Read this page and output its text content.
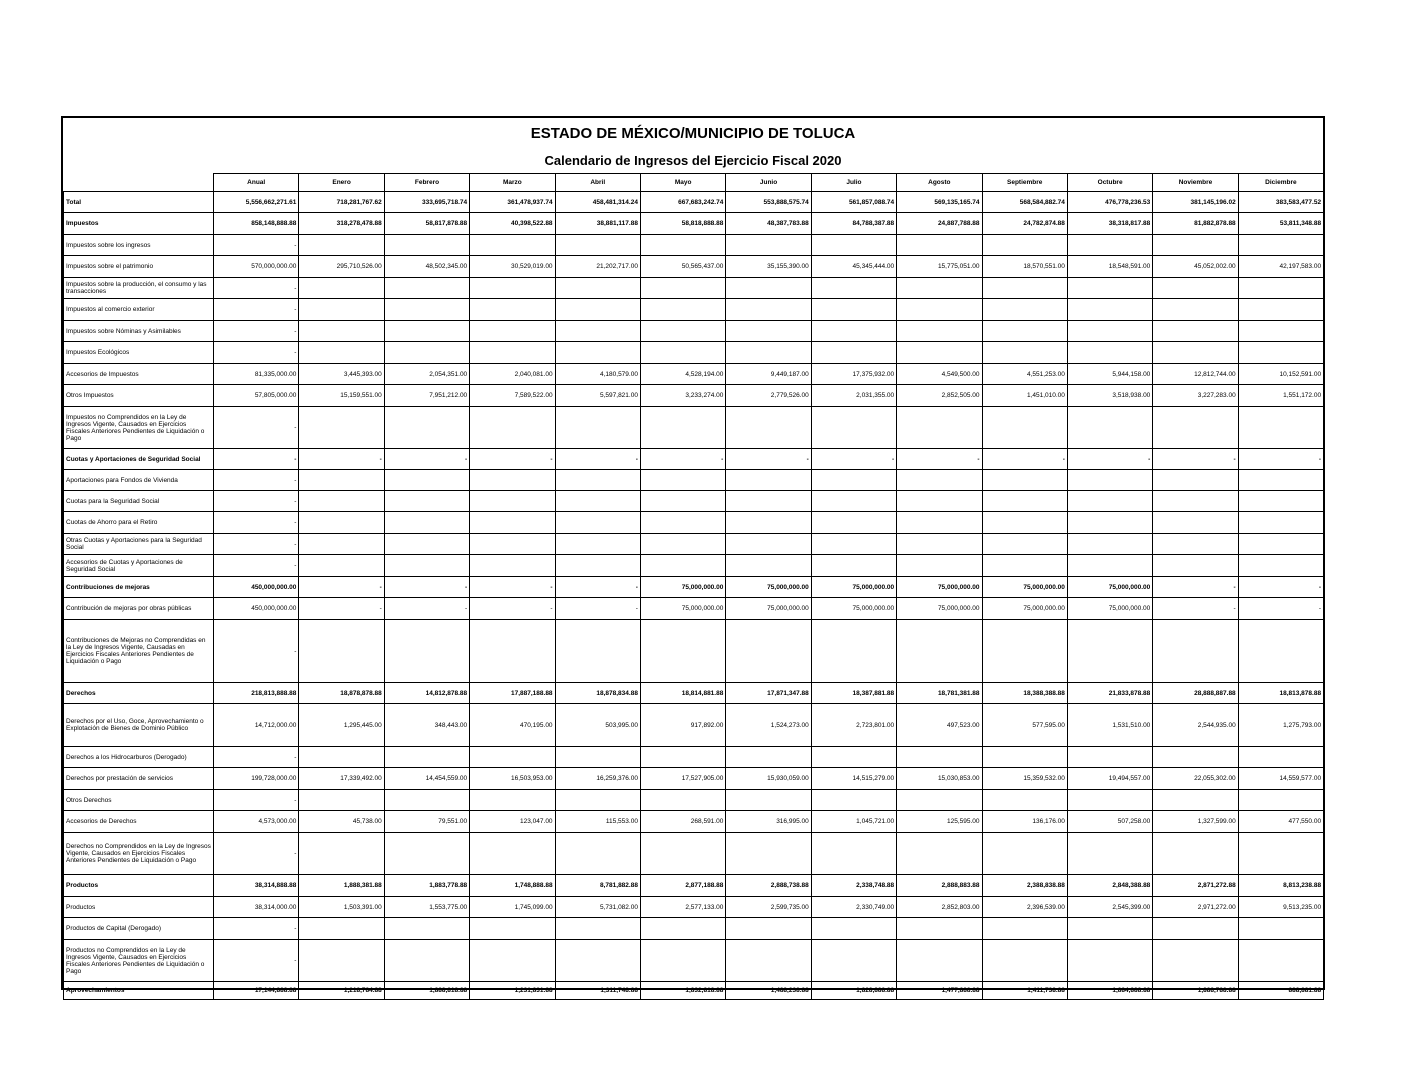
ESTADO DE MÉXICO/MUNICIPIO DE TOLUCA
Calendario de Ingresos del Ejercicio Fiscal 2020
	Anual	Enero	Febrero	Marzo	Abril	Mayo	Junio	Julio	Agosto	Septiembre	Octubre	Noviembre	Diciembre
Total	5,556,662,271.61	718,281,767.62	333,695,718.74	361,478,937.74	458,481,314.24	667,683,242.74	553,888,575.74	561,857,088.74	569,135,165.74	568,584,882.74	476,778,236.53	381,145,196.02	383,583,477.52
Impuestos	858,148,888.88	318,278,478.88	58,817,878.88	40,398,522.88	38,881,117.88	58,818,888.88	48,387,783.88	84,788,387.88	24,887,788.88	24,782,874.88	38,318,817.88	81,882,878.88	53,811,348.88
Impuestos sobre los ingresos	-												
Impuestos sobre el patrimonio	570,000,000.00	295,710,526.00	48,502,345.00	30,529,019.00	21,202,717.00	50,565,437.00	35,155,390.00	45,345,444.00	15,775,051.00	18,570,551.00	18,548,591.00	45,052,002.00	42,197,583.00
Impuestos sobre la producción, el consumo y las transacciones	-												
Impuestos al comercio exterior	-												
Impuestos sobre Nóminas y Asimilables	-												
Impuestos Ecológicos	-												
Accesorios de Impuestos	81,335,000.00	3,445,393.00	2,054,351.00	2,040,081.00	4,180,579.00	4,528,194.00	9,449,187.00	17,375,932.00	4,549,500.00	4,551,253.00	5,944,158.00	12,812,744.00	10,152,591.00
Otros Impuestos	57,805,000.00	15,159,551.00	7,951,212.00	7,589,522.00	5,597,821.00	3,233,274.00	2,779,526.00	2,031,355.00	2,852,505.00	1,451,010.00	3,518,938.00	3,227,283.00	1,551,172.00
Impuestos no Comprendidos en la Ley de Ingresos Vigente, Causados en Ejercicios Fiscales Anteriores Pendientes de Liquidación o Pago	-												
Cuotas y Aportaciones de Seguridad Social	-	-	-	-	-	-	-	-	-	-	-	-	-
Aportaciones para Fondos de Vivienda	-												
Cuotas para la Seguridad Social	-												
Cuotas de Ahorro para el Retiro	-												
Otras Cuotas y Aportaciones para la Seguridad Social	-												
Accesorios de Cuotas y Aportaciones de Seguridad Social	-												
Contribuciones de mejoras	450,000,000.00	-	-	-	-	75,000,000.00	75,000,000.00	75,000,000.00	75,000,000.00	75,000,000.00	75,000,000.00	-	-
Contribución de mejoras por obras públicas	450,000,000.00	-	-	-	-	75,000,000.00	75,000,000.00	75,000,000.00	75,000,000.00	75,000,000.00	75,000,000.00	-	-
Contribuciones de Mejoras no Comprendidas en la Ley de Ingresos Vigente, Causadas en Ejercicios Fiscales Anteriores Pendientes de Liquidación o Pago	-												
Derechos	218,813,888.88	18,878,878.88	14,812,878.88	17,887,188.88	18,878,834.88	18,814,881.88	17,871,347.88	18,387,881.88	18,781,381.88	18,388,388.88	21,833,878.88	28,888,887.88	18,813,878.88
Derechos por el Uso, Goce, Aprovechamiento o Explotación de Bienes de Dominio Público	14,712,000.00	1,295,445.00	348,443.00	470,195.00	503,995.00	917,892.00	1,524,273.00	2,723,801.00	497,523.00	577,595.00	1,531,510.00	2,544,935.00	1,275,793.00
Derechos a los Hidrocarburos (Derogado)	-												
Derechos por prestación de servicios	199,728,000.00	17,339,492.00	14,454,559.00	16,503,953.00	16,259,376.00	17,527,905.00	15,930,059.00	14,515,279.00	15,030,853.00	15,359,532.00	19,494,557.00	22,055,302.00	14,559,577.00
Otros Derechos	-												
Accesorios de Derechos	4,573,000.00	45,738.00	79,551.00	123,047.00	115,553.00	268,591.00	316,995.00	1,045,721.00	125,595.00	136,176.00	507,258.00	1,327,599.00	477,550.00
Derechos no Comprendidos en la Ley de Ingresos Vigente, Causados en Ejercicios Fiscales Anteriores Pendientes de Liquidación o Pago	-												
Productos	38,314,888.88	1,888,381.88	1,883,778.88	1,748,888.88	8,781,882.88	2,877,188.88	2,888,738.88	2,338,748.88	2,888,883.88	2,388,838.88	2,848,388.88	2,871,272.88	8,813,238.88
Productos	38,314,000.00	1,503,391.00	1,553,775.00	1,745,099.00	5,731,082.00	2,577,133.00	2,599,735.00	2,330,749.00	2,852,803.00	2,396,539.00	2,545,399.00	2,971,272.00	9,513,235.00
Productos de Capital (Derogado)	-												
Productos no Comprendidos en la Ley de Ingresos Vigente, Causados en Ejercicios Fiscales Anteriores Pendientes de Liquidación o Pago	-												
Aprovechamientos	17,144,888.88	1,218,784.88	1,888,818.88	1,231,831.88	1,311,748.88	1,832,818.88	1,488,238.88	1,828,888.88	1,477,888.88	1,411,738.88	1,884,888.88	1,888,788.88	888,881.88
